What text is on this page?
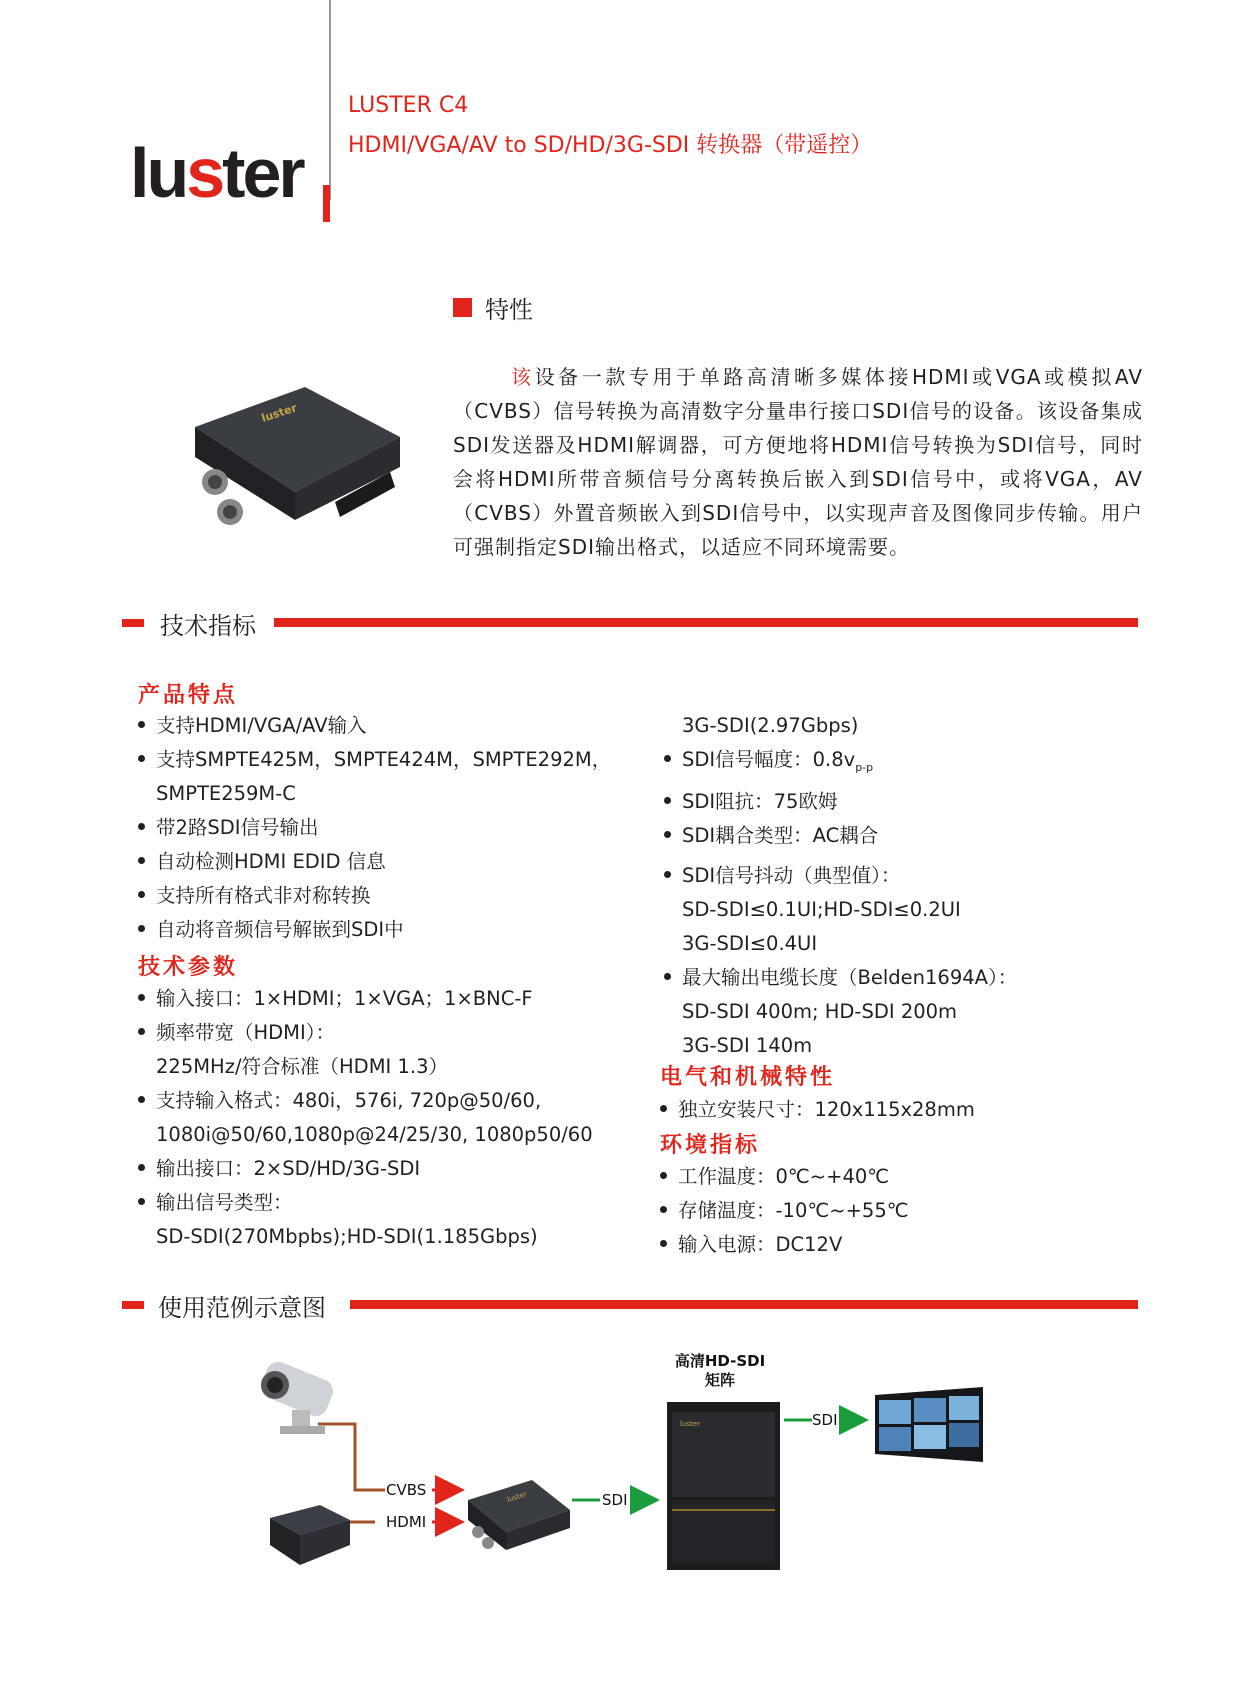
luster
LUSTER C4
HDMI/VGA/AV to SD/HD/3G-SDI 转换器（带遥控）
特性
luster
该设备一款专用于单路高清晰多媒体接HDMI或VGA或模拟AV（CVBS）信号转换为高清数字分量串行接口SDI信号的设备。该设备集成SDI发送器及HDMI解调器，可方便地将HDMI信号转换为SDI信号，同时会将HDMI所带音频信号分离转换后嵌入到SDI信号中，或将VGA，AV（CVBS）外置音频嵌入到SDI信号中，以实现声音及图像同步传输。用户可强制指定SDI输出格式，以适应不同环境需要。
技术指标
产品特点
支持HDMI/VGA/AV输入
支持SMPTE425M，SMPTE424M，SMPTE292M，
SMPTE259M-C
带2路SDI信号输出
自动检测HDMI EDID 信息
支持所有格式非对称转换
自动将音频信号解嵌到SDI中
技术参数
输入接口：1×HDMI；1×VGA；1×BNC-F
频率带宽（HDMI）：
225MHz/符合标准（HDMI 1.3）
支持输入格式：480i，576i, 720p@50/60,
1080i@50/60,1080p@24/25/30, 1080p50/60
输出接口：2×SD/HD/3G-SDI
输出信号类型：
SD-SDI(270Mbpbs);HD-SDI(1.185Gbps)
3G-SDI(2.97Gbps)
SDI信号幅度：$0.8v_{p-p}$
SDI阻抗：75欧姆
SDI耦合类型：AC耦合
SDI信号抖动（典型值）：
SD-SDI≤0.1UI;HD-SDI≤0.2UI
3G-SDI≤0.4UI
最大输出电缆长度（Belden1694A）：
SD-SDI 400m; HD-SDI 200m
3G-SDI 140m
电气和机械特性
独立安装尺寸：120x115x28mm
环境指标
工作温度：0℃~+40℃
存储温度：-10℃~+55℃
输入电源：DC12V
使用范例示意图
CVBS
HDMI
luster	SDI
高清HD-SDI
矩阵
luster	SDI
